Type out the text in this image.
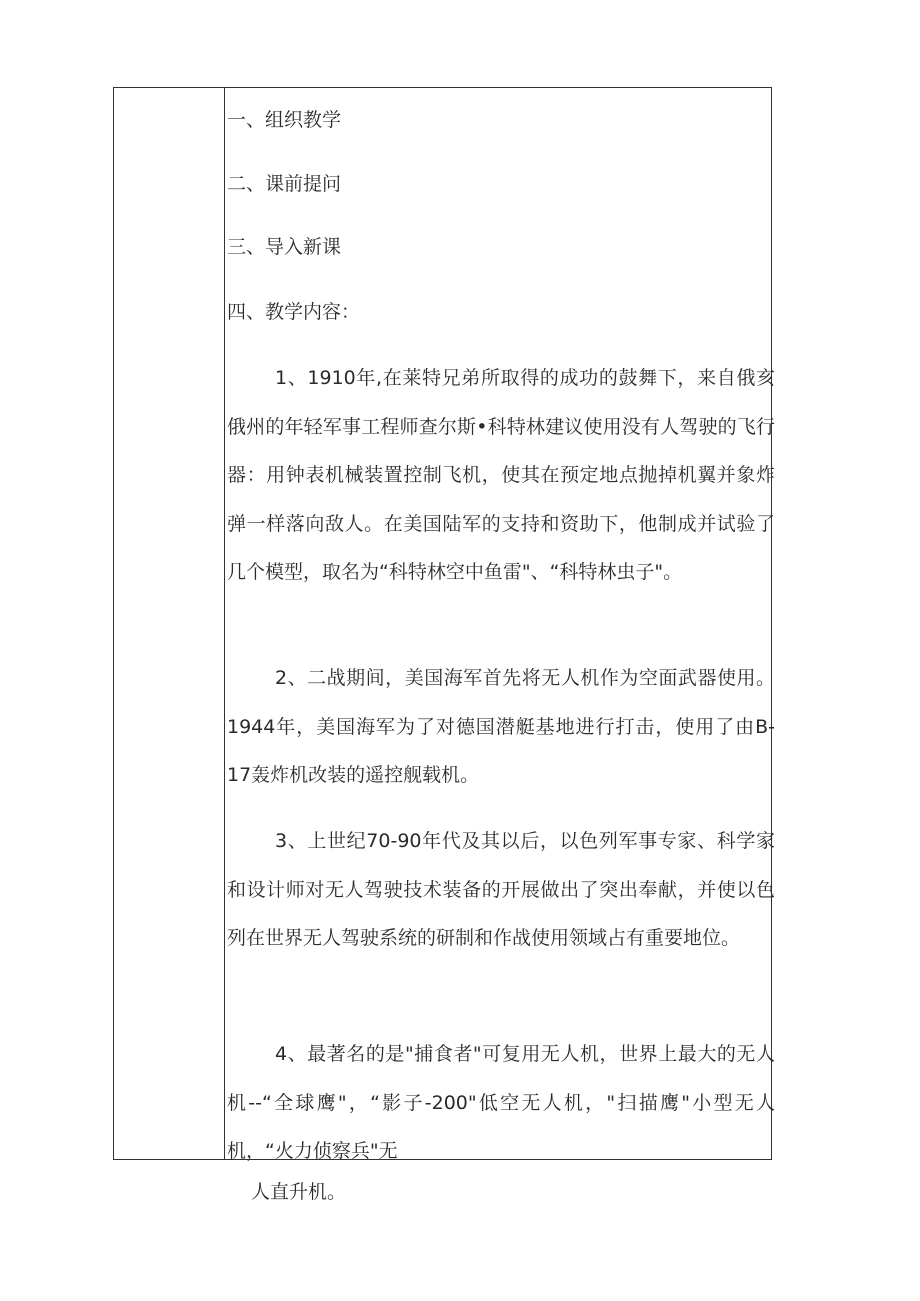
一、组织教学
二、课前提问
三、导入新课
四、教学内容：

1、1910年,在莱特兄弟所取得的成功的鼓舞下，来自俄亥俄州的年轻军事工程师查尔斯•科特林建议使用没有人驾驶的飞行器：用钟表机械装置控制飞机，使其在预定地点抛掉机翼并象炸弹一样落向敌人。在美国陆军的支持和资助下，他制成并试验了几个模型，取名为“科特林空中鱼雷"、“科特林虫子"。

2、二战期间，美国海军首先将无人机作为空面武器使用。1944年，美国海军为了对德国潜艇基地进行打击，使用了由B-17轰炸机改装的遥控舰载机。

3、上世纪70-90年代及其以后，以色列军事专家、科学家和设计师对无人驾驶技术装备的开展做出了突出奉献，并使以色列在世界无人驾驶系统的研制和作战使用领域占有重要地位。

4、最著名的是"捕食者"可复用无人机，世界上最大的无人机--“全球鹰"，“影子-200"低空无人机，"扫描鹰"小型无人机，“火力侦察兵"无

人直升机。
